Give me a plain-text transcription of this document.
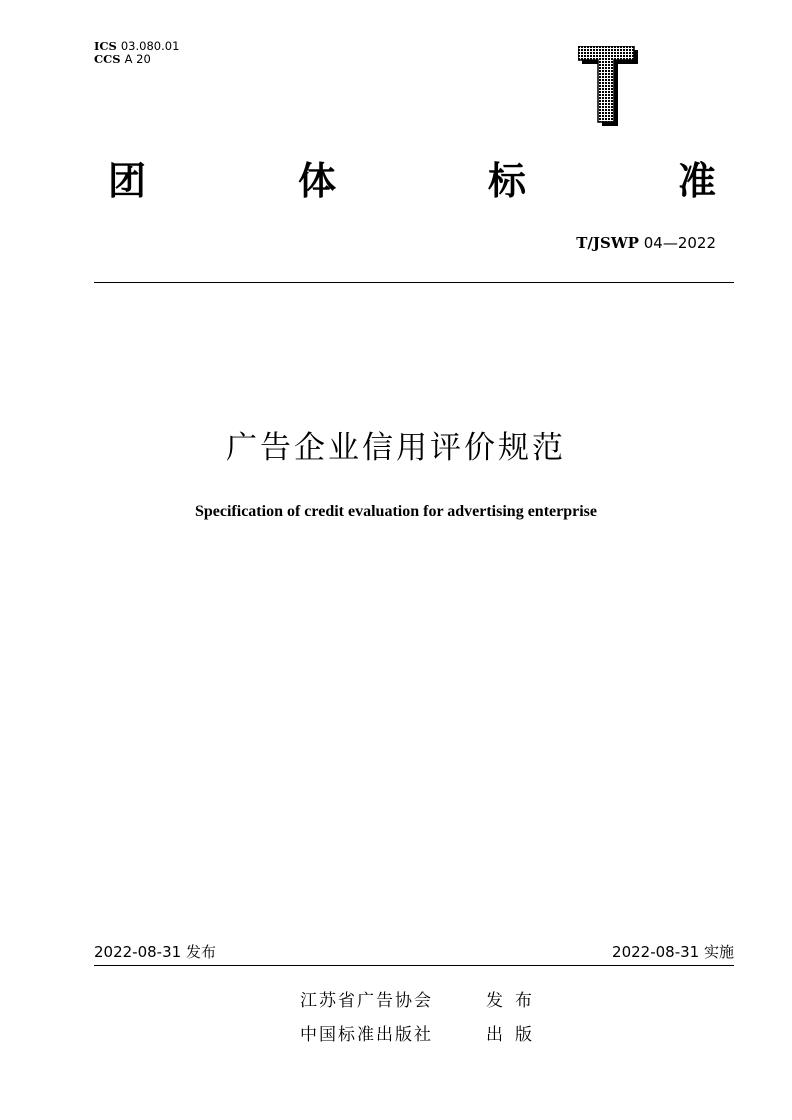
ICS 03.080.01
CCS A 20
团	体	标	准
T/JSWP 04—2022
广告企业信用评价规范
Specification of credit evaluation for advertising enterprise
2022-08-31 发布	2022-08-31 实施
江苏省广告协会	发布
中国标准出版社	出版
